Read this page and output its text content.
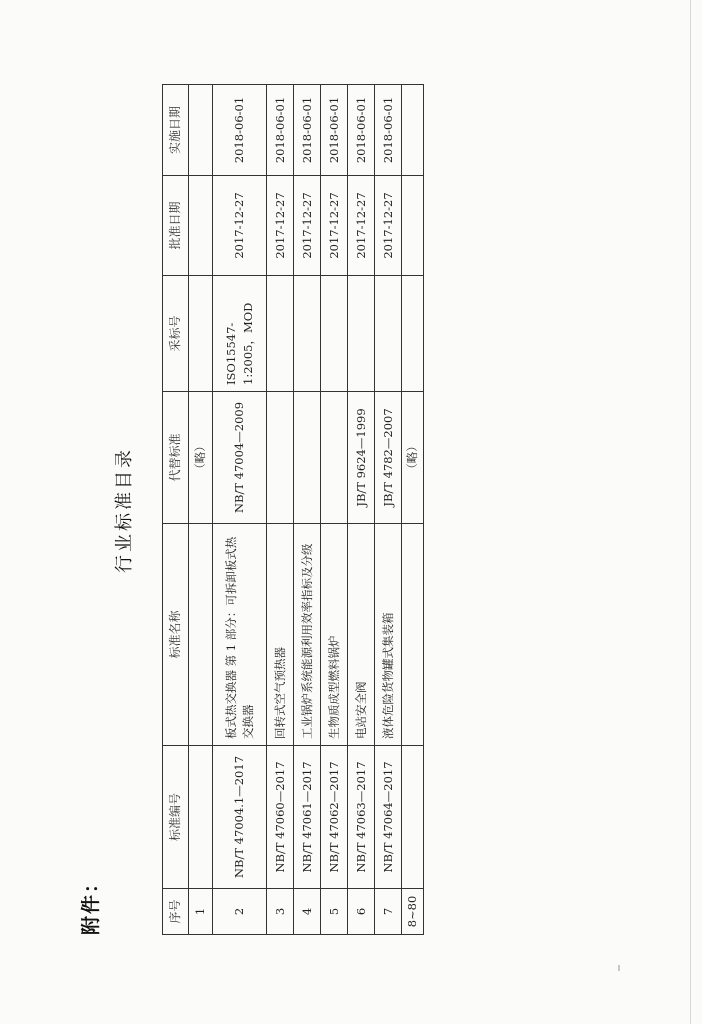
附件：
行业标准目录
序号	标准编号	标准名称	代替标准	采标号	批准日期	实施日期
1			（略）			
2	NB/T 47004.1—2017	板式热交换器 第 1 部分：可拆卸板式热交换器	NB/T 47004—2009	ISO15547-1:2005，MOD	2017-12-27	2018-06-01
3	NB/T 47060—2017	回转式空气预热器			2017-12-27	2018-06-01
4	NB/T 47061—2017	工业锅炉系统能源利用效率指标及分级			2017-12-27	2018-06-01
5	NB/T 47062—2017	生物质成型燃料锅炉			2017-12-27	2018-06-01
6	NB/T 47063—2017	电站安全阀	JB/T 9624—1999		2017-12-27	2018-06-01
7	NB/T 47064—2017	液体危险货物罐式集装箱	JB/T 4782—2007		2017-12-27	2018-06-01
8~80			（略）			
